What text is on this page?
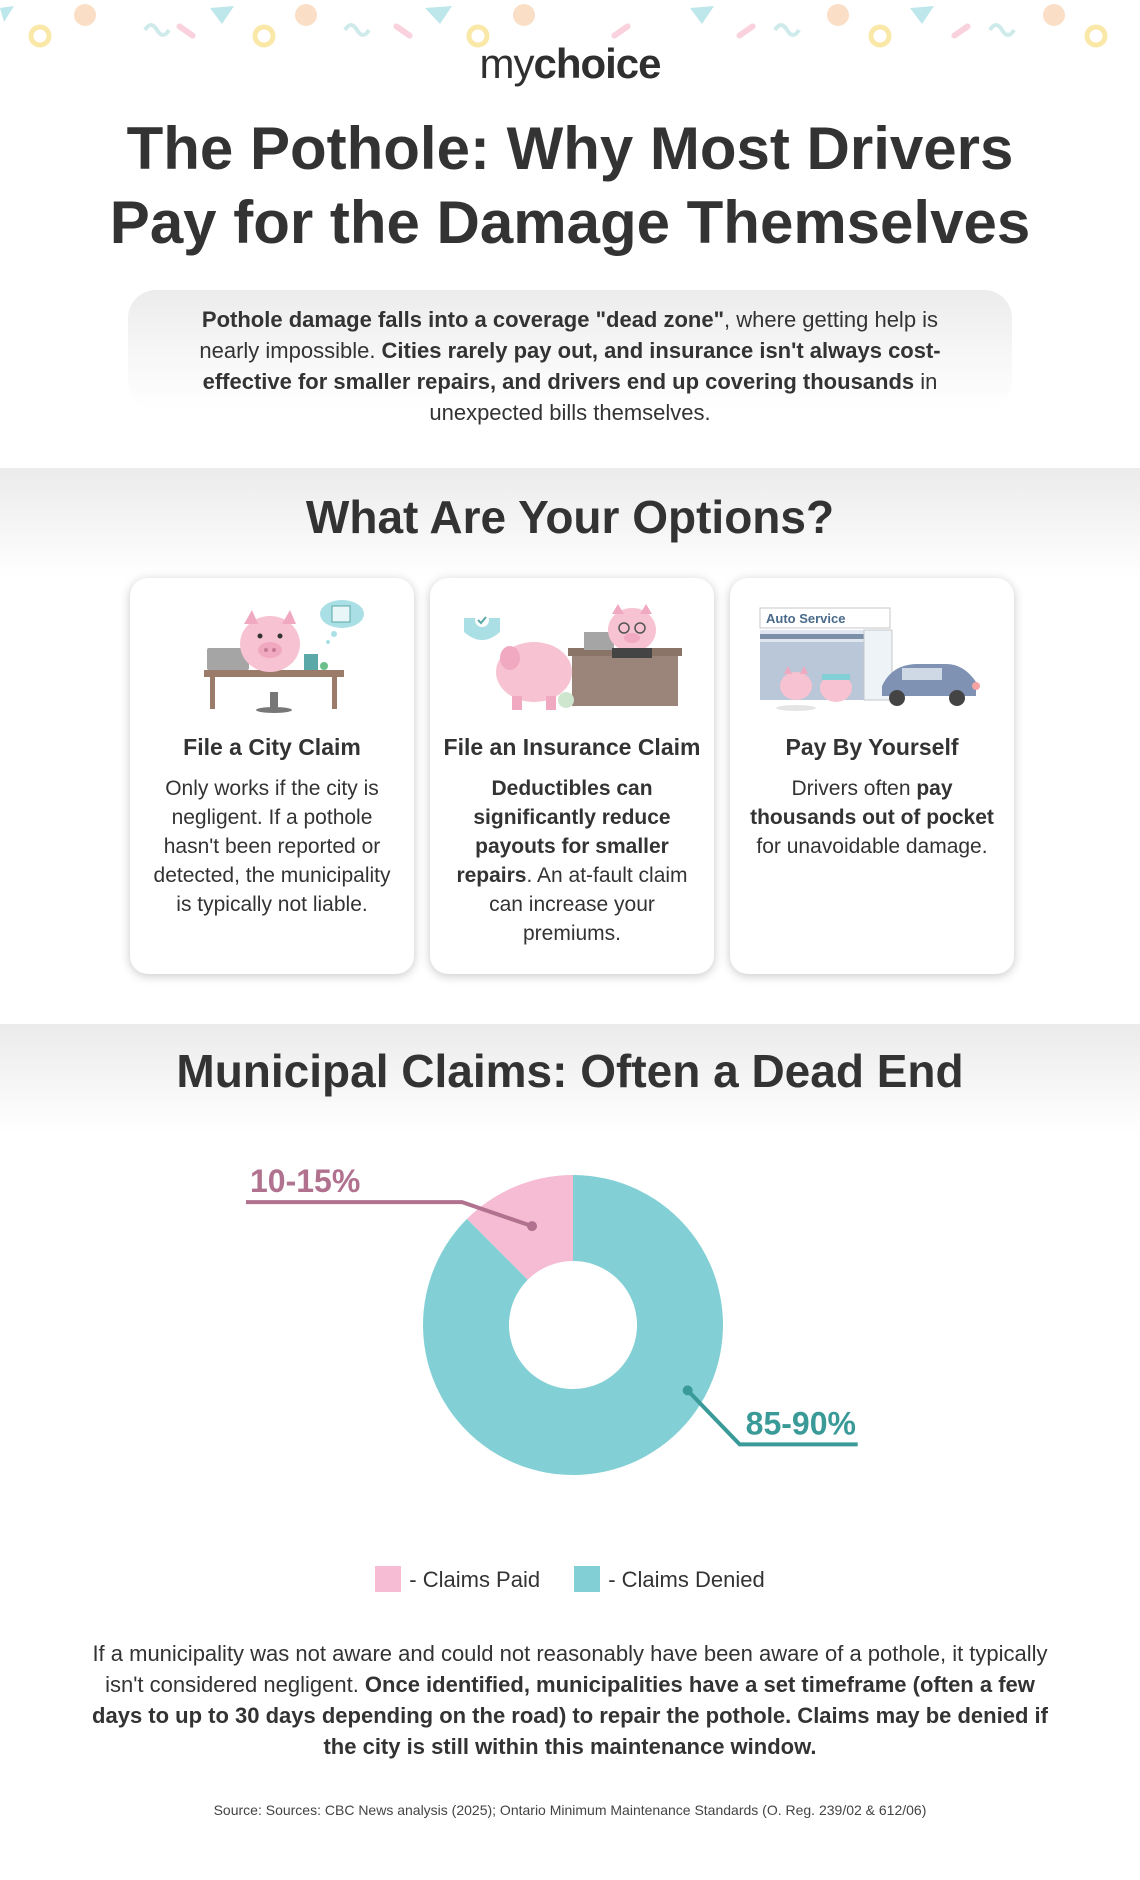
mychoice
The Pothole: Why Most Drivers
Pay for the Damage Themselves

Pothole damage falls into a coverage "dead zone", where getting help is nearly impossible. Cities rarely pay out, and insurance isn't always cost-effective for smaller repairs, and drivers end up covering thousands in unexpected bills themselves.

What Are Your Options?
File a City Claim

Only works if the city is negligent. If a pothole hasn't been reported or detected, the municipality is typically not liable.

File an Insurance Claim

Deductibles can significantly reduce payouts for smaller repairs. An at-fault claim can increase your premiums.

Auto Service
Pay By Yourself

Drivers often pay thousands out of pocket for unavoidable damage.

Municipal Claims: Often a Dead End
10-15%
85-90%
- Claims Paid	- Claims Denied

If a municipality was not aware and could not reasonably have been aware of a pothole, it typically isn't considered negligent. Once identified, municipalities have a set timeframe (often a few days to up to 30 days depending on the road) to repair the pothole. Claims may be denied if the city is still within this maintenance window.

Source: Sources: CBC News analysis (2025); Ontario Minimum Maintenance Standards (O. Reg. 239/02 & 612/06)
